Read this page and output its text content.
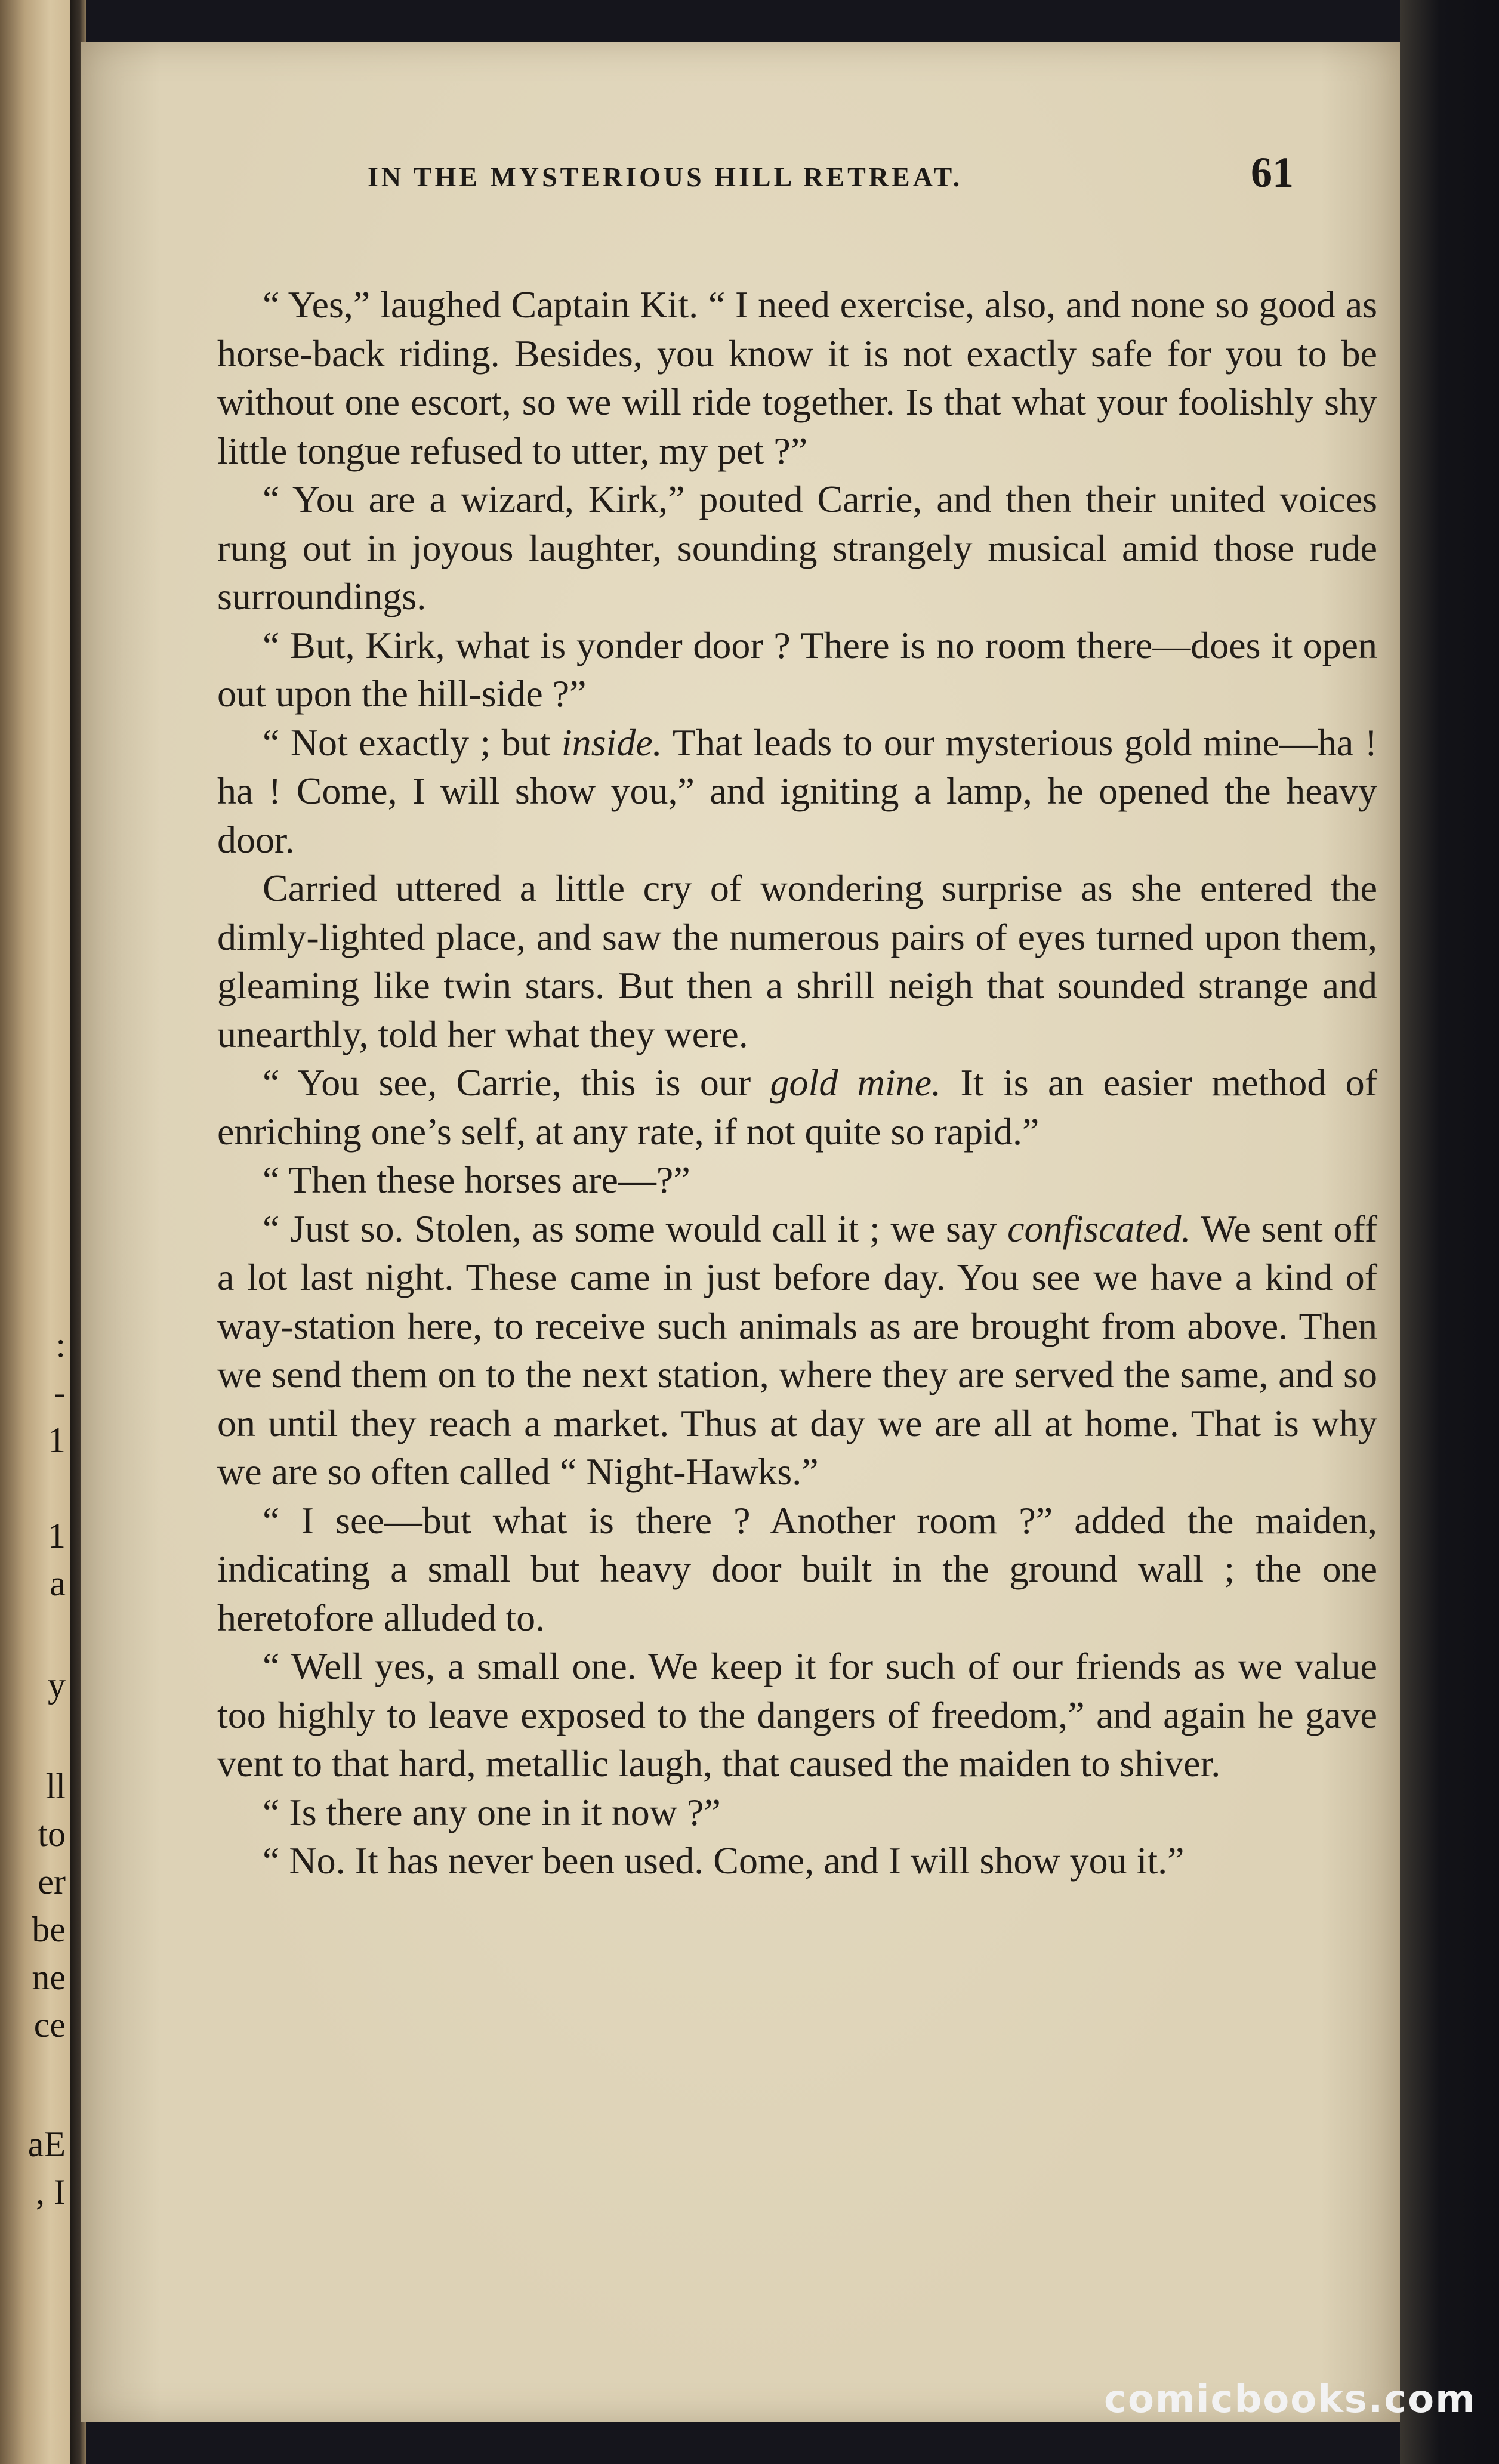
:
-
1
1
a
y
ll
to
er
be
ne
ce
aE
, I
IN THE MYSTERIOUS HILL RETREAT.	61

“ Yes,” laughed Captain Kit. “ I need exercise, also, and none so good as horse-back riding. Besides, you know it is not exactly safe for you to be without one escort, so we will ride together. Is that what your foolishly shy little tongue refused to utter, my pet ?”

“ You are a wizard, Kirk,” pouted Carrie, and then their united voices rung out in joyous laughter, sounding strangely musical amid those rude surroundings.

“ But, Kirk, what is yonder door ? There is no room there—does it open out upon the hill-side ?”

“ Not exactly ; but inside. That leads to our mysterious gold mine—ha ! ha ! Come, I will show you,” and igniting a lamp, he opened the heavy door.

Carried uttered a little cry of wondering surprise as she entered the dimly-lighted place, and saw the numerous pairs of eyes turned upon them, gleaming like twin stars. But then a shrill neigh that sounded strange and unearthly, told her what they were.

“ You see, Carrie, this is our gold mine. It is an easier method of enriching one’s self, at any rate, if not quite so rapid.”

“ Then these horses are—?”

“ Just so. Stolen, as some would call it ; we say confiscated. We sent off a lot last night. These came in just before day. You see we have a kind of way-station here, to receive such animals as are brought from above. Then we send them on to the next station, where they are served the same, and so on until they reach a market. Thus at day we are all at home. That is why we are so often called “ Night-Hawks.”

“ I see—but what is there ? Another room ?” added the maiden, indicating a small but heavy door built in the ground wall ; the one heretofore alluded to.

“ Well yes, a small one. We keep it for such of our friends as we value too highly to leave exposed to the dangers of freedom,” and again he gave vent to that hard, metallic laugh, that caused the maiden to shiver.

“ Is there any one in it now ?”

“ No. It has never been used. Come, and I will show you it.”

comicbooks.com
